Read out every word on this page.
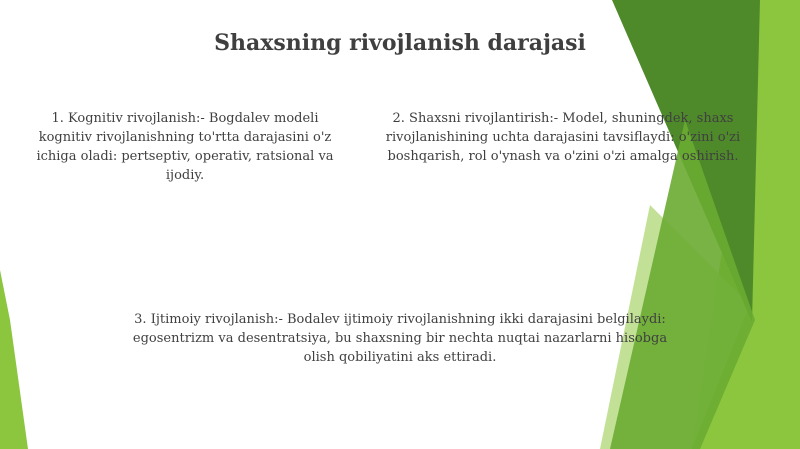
Shaxsning rivojlanish darajasi
1. Kognitiv rivojlanish:- Bogdalev modeli kognitiv rivojlanishning to'rtta darajasini o'z ichiga oladi: pertseptiv, operativ, ratsional va ijodiy.
2. Shaxsni rivojlantirish:- Model, shuningdek, shaxs rivojlanishining uchta darajasini tavsiflaydi: o'zini o'zi boshqarish, rol o'ynash va o'zini o'zi amalga oshirish.
3. Ijtimoiy rivojlanish:- Bodalev ijtimoiy rivojlanishning ikki darajasini belgilaydi: egosentrizm va desentratsiya, bu shaxsning bir nechta nuqtai nazarlarni hisobga olish qobiliyatini aks ettiradi.
